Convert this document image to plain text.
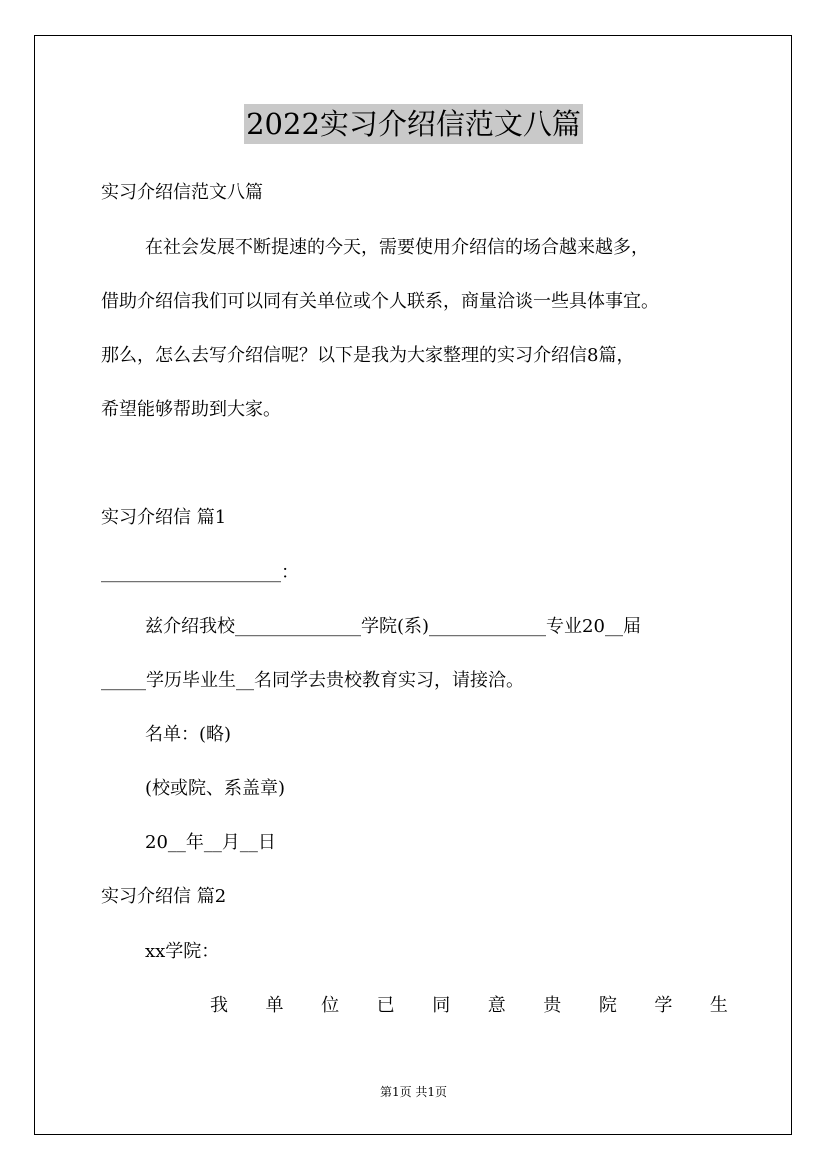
2022实习介绍信范文八篇
实习介绍信范文八篇
在社会发展不断提速的今天，需要使用介绍信的场合越来越多，
借助介绍信我们可以同有关单位或个人联系，商量洽谈一些具体事宜。
那么，怎么去写介绍信呢？以下是我为大家整理的实习介绍信8篇，
希望能够帮助到大家。
实习介绍信 篇1
____________________：
兹介绍我校______________学院(系)_____________专业20__届
_____学历毕业生__名同学去贵校教育实习，请接洽。
名单：(略)
(校或院、系盖章)
20__年__月__日
实习介绍信 篇2
xx学院：
我 单 位 已 同 意 贵 院 学 生
第1页 共1页
